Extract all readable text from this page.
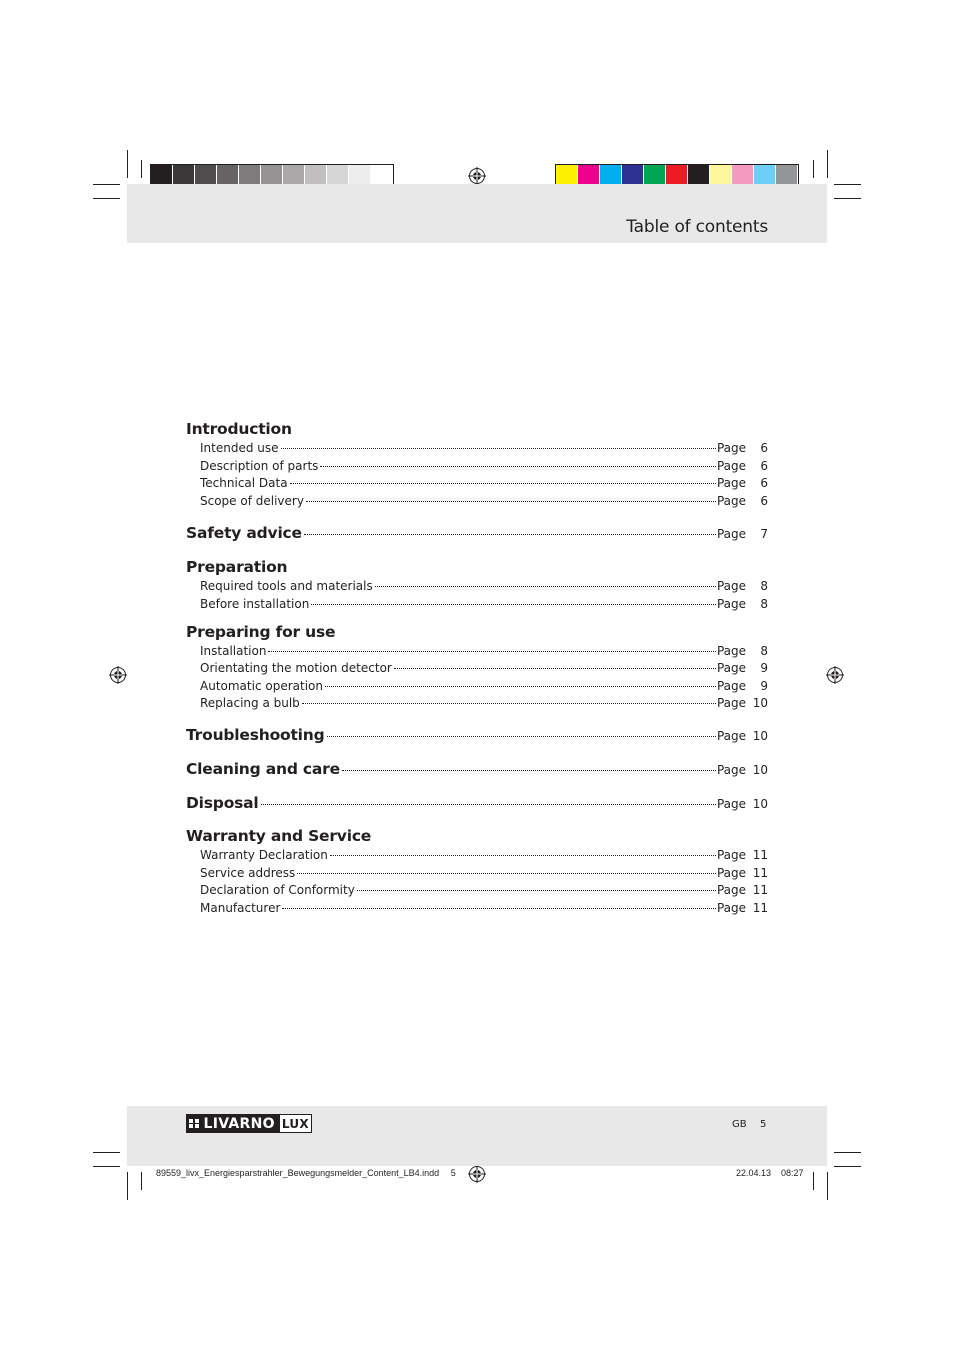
Table of contents
Introduction
Intended use	Page	6
Description of parts	Page	6
Technical Data	Page	6
Scope of delivery	Page	6
Safety advice	Page	7
Preparation
Required tools and materials	Page	8
Before installation	Page	8
Preparing for use
Installation	Page	8
Orientating the motion detector	Page	9
Automatic operation	Page	9
Replacing a bulb	Page 10
Troubleshooting	Page 10
Cleaning and care	Page 10
Disposal	Page 10
Warranty and Service
Warranty Declaration	Page 11
Service address	Page 11
Declaration of Conformity	Page 11
Manufacturer	Page 11
LIVARNO LUX	GB 5
89559_livx_Energiesparstrahler_Bewegungsmelder_Content_LB4.indd 5	22.04.13 08:27
